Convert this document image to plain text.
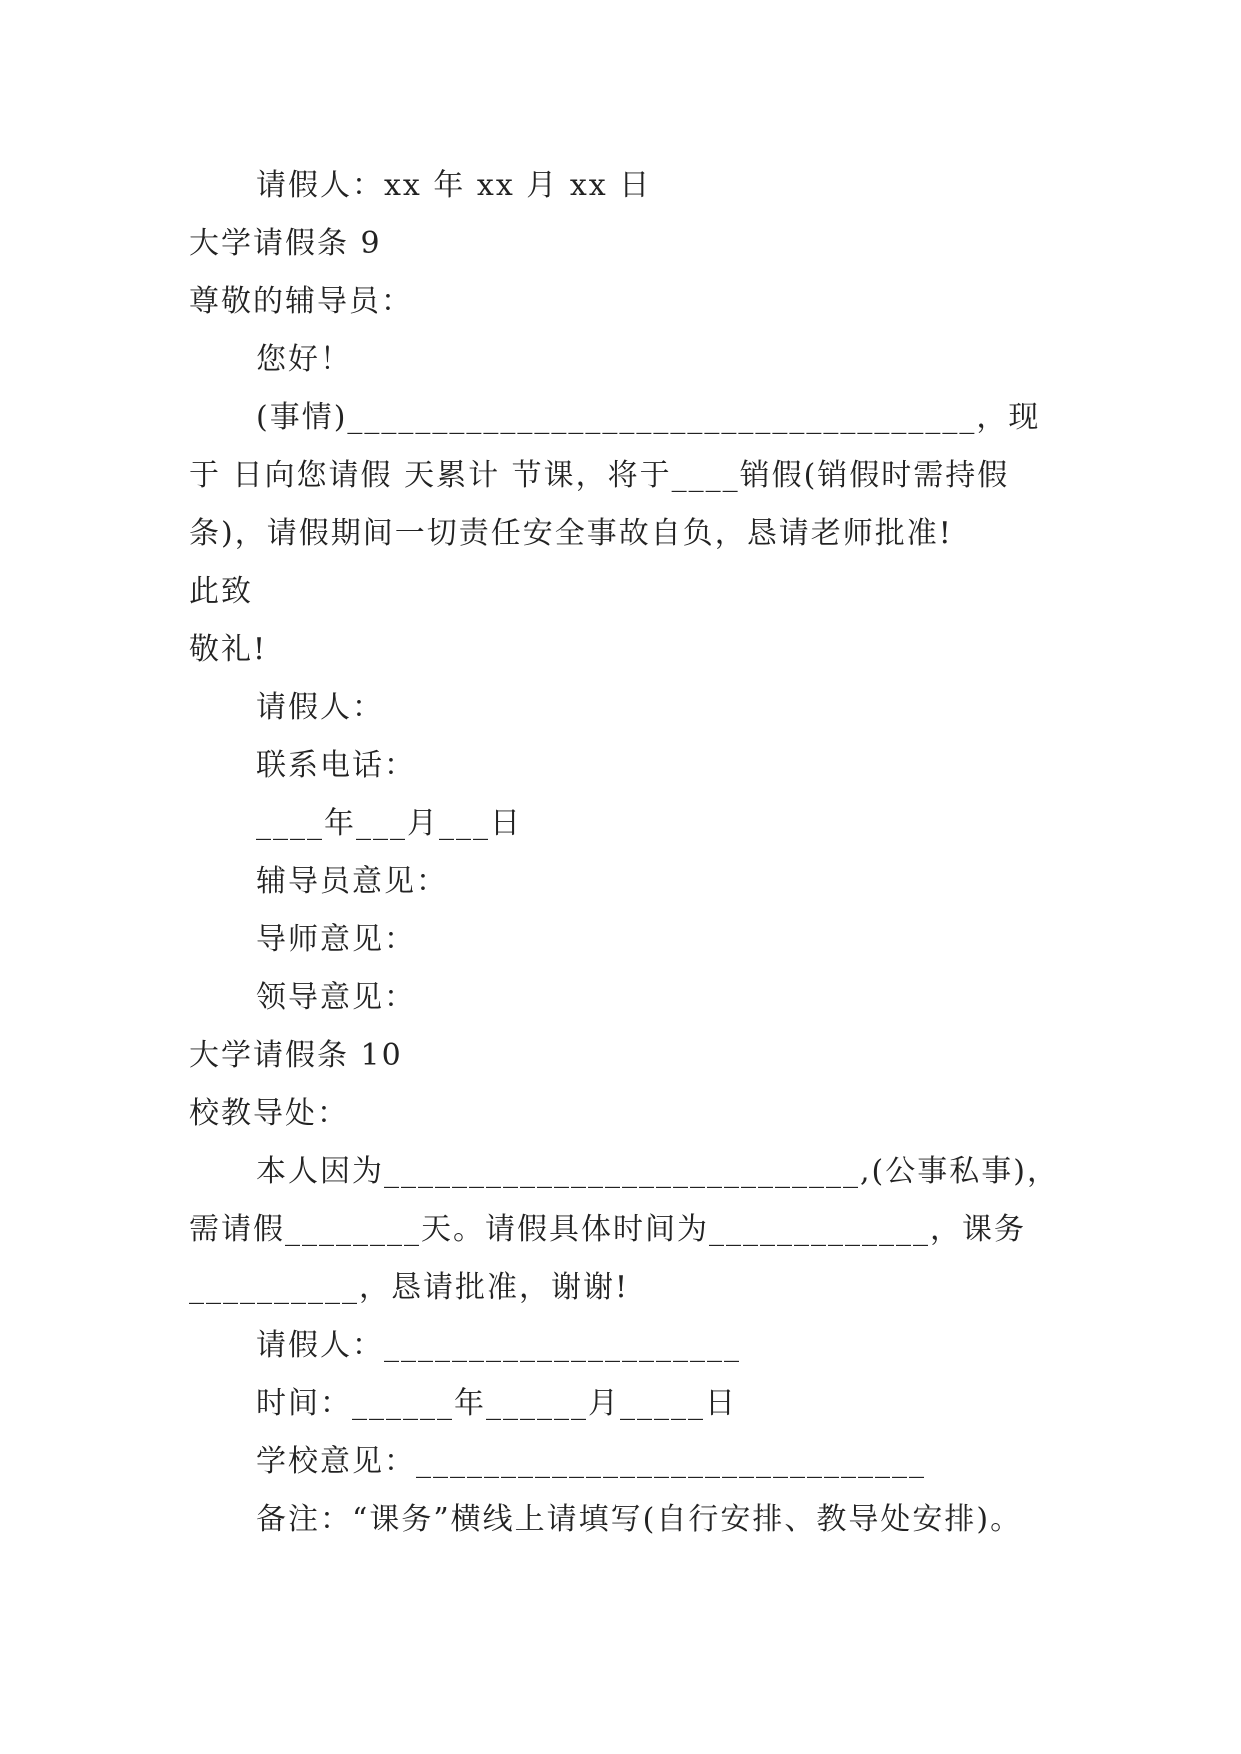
请假人：xx 年 xx 月 xx 日
大学请假条 9
尊敬的辅导员：
您好！
(事情)_____________________________________，现
于 日向您请假 天累计 节课，将于____销假(销假时需持假
条)，请假期间一切责任安全事故自负，恳请老师批准!
此致
敬礼!
请假人：
联系电话：
____年___月___日
辅导员意见：
导师意见：
领导意见：
大学请假条 10
校教导处：
本人因为____________________________,(公事私事)，
需请假________天。请假具体时间为_____________，课务
__________，恳请批准，谢谢!
请假人：_____________________
时间：______年______月_____日
学校意见：______________________________
备注：“课务”横线上请填写(自行安排、教导处安排)。
